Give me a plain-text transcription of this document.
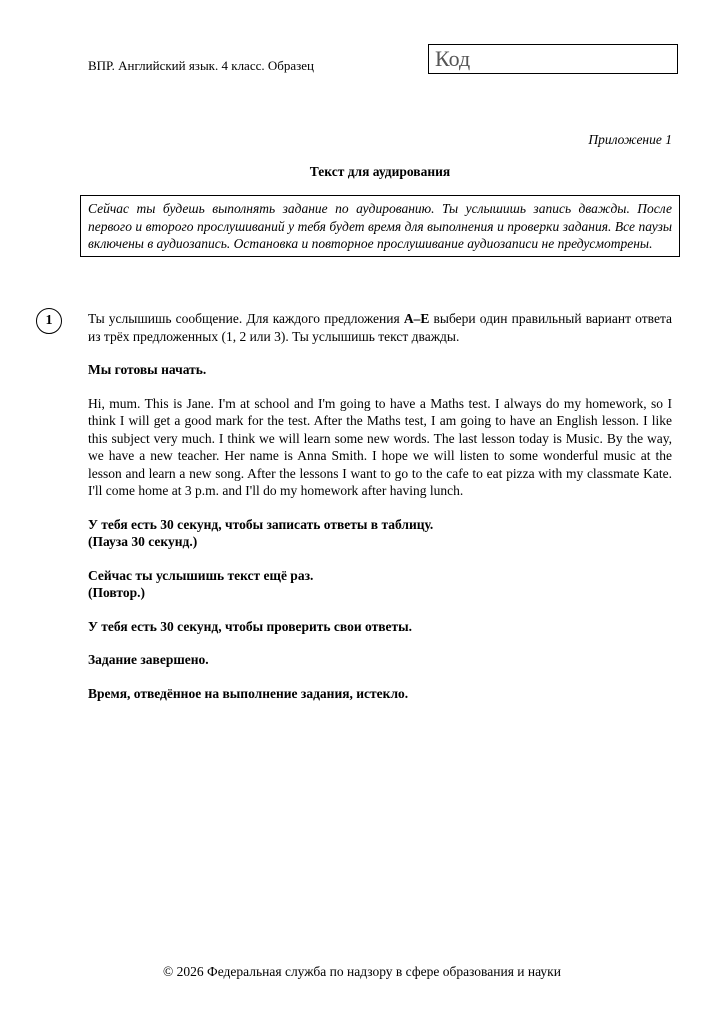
ВПР. Английский язык. 4 класс. Образец	Код
Приложение 1
Текст для аудирования
Сейчас ты будешь выполнять задание по аудированию. Ты услышишь запись дважды. После первого и второго прослушиваний у тебя будет время для выполнения и проверки задания. Все паузы включены в аудиозапись. Остановка и повторное прослушивание аудиозаписи не предусмотрены.
1	Ты услышишь сообщение. Для каждого предложения A–E выбери один правильный вариант ответа из трёх предложенных (1, 2 или 3). Ты услышишь текст дважды.

Мы готовы начать.

Hi, mum. This is Jane. I'm at school and I'm going to have a Maths test. I always do my homework, so I think I will get a good mark for the test. After the Maths test, I am going to have an English lesson. I like this subject very much. I think we will learn some new words. The last lesson today is Music. By the way, we have a new teacher. Her name is Anna Smith. I hope we will listen to some wonderful music at the lesson and learn a new song. After the lessons I want to go to the cafe to eat pizza with my classmate Kate. I'll come home at 3 p.m. and I'll do my homework after having lunch.

У тебя есть 30 секунд, чтобы записать ответы в таблицу.

(Пауза 30 секунд.)

Сейчас ты услышишь текст ещё раз.

(Повтор.)

У тебя есть 30 секунд, чтобы проверить свои ответы.

Задание завершено.

Время, отведённое на выполнение задания, истекло.

© 2026 Федеральная служба по надзору в сфере образования и науки
